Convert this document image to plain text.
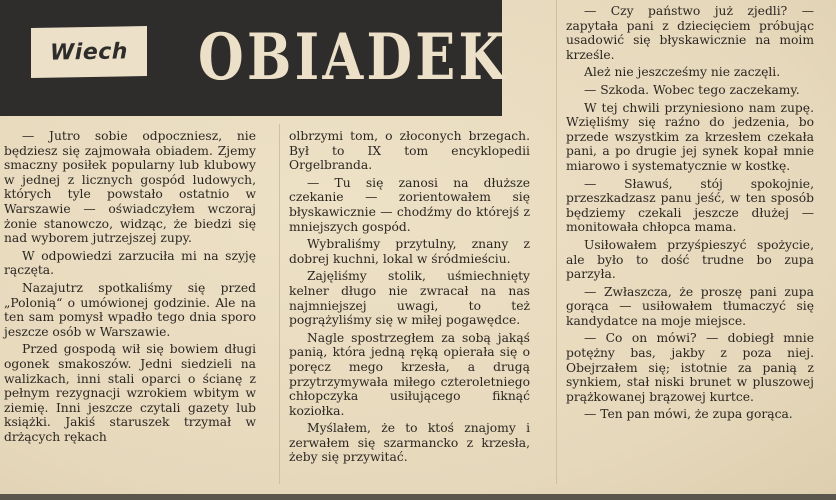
Wiech OBIADEK

— Jutro sobie odpoczniesz, nie będziesz się zajmowała obiadem. Zjemy smaczny posiłek popularny lub klubowy w jednej z licznych gospód ludowych, których tyle powstało ostatnio w Warszawie — oświadczyłem wczoraj żonie stanowczo, widząc, że biedzi się nad wyborem jutrzejszej zupy.

W odpowiedzi zarzuciła mi na szyję rączęta.

Nazajutrz spotkaliśmy się przed „Polonią“ o umówionej godzinie. Ale na ten sam pomysł wpadło tego dnia sporo jeszcze osób w Warszawie.

Przed gospodą wił się bowiem długi ogonek smakoszów. Jedni siedzieli na walizkach, inni stali oparci o ścianę z pełnym rezygnacji wzrokiem wbitym w ziemię. Inni jeszcze czytali gazety lub książki. Jakiś staruszek trzymał w drżących rękach

olbrzymi tom, o złoconych brzegach. Był to IX tom encyklopedii Orgelbranda.

— Tu się zanosi na dłuższe czekanie — zorientowałem się błyskawicznie — chodźmy do którejś z mniejszych gospód.

Wybraliśmy przytulny, znany z dobrej kuchni, lokal w śródmieściu.

Zajęliśmy stolik, uśmiechnięty kelner długo nie zwracał na nas najmniejszej uwagi, to też pogrążyliśmy się w miłej pogawędce.

Nagle spostrzegłem za sobą jakąś panią, która jedną ręką opierała się o poręcz mego krzesła, a drugą przytrzymywała miłego czteroletniego chłopczyka usiłującego fiknąć koziołka.

Myślałem, że to ktoś znajomy i zerwałem się szarmancko z krzesła, żeby się przywitać.

— Czy państwo już zjedli? — zapytała pani z dziecięciem próbując usadowić się błyskawicznie na moim krześle.

Ależ nie jeszcześmy nie zaczęli.

— Szkoda. Wobec tego zaczekamy.

W tej chwili przyniesiono nam zupę. Wzięliśmy się raźno do jedzenia, bo przede wszystkim za krzesłem czekała pani, a po drugie jej synek kopał mnie miarowo i systematycznie w kostkę.

— Sławuś, stój spokojnie, przeszkadzasz panu jeść, w ten sposób będziemy czekali jeszcze dłużej — monitowała chłopca mama.

Usiłowałem przyśpieszyć spożycie, ale było to dość trudne bo zupa parzyła.

— Zwłaszcza, że proszę pani zupa gorąca — usiłowałem tłumaczyć się kandydatce na moje miejsce.

— Co on mówi? — dobiegł mnie potężny bas, jakby z poza niej. Obejrzałem się; istotnie za panią z synkiem, stał niski brunet w pluszowej prążkowanej brązowej kurtce.

— Ten pan mówi, że zupa gorąca.
